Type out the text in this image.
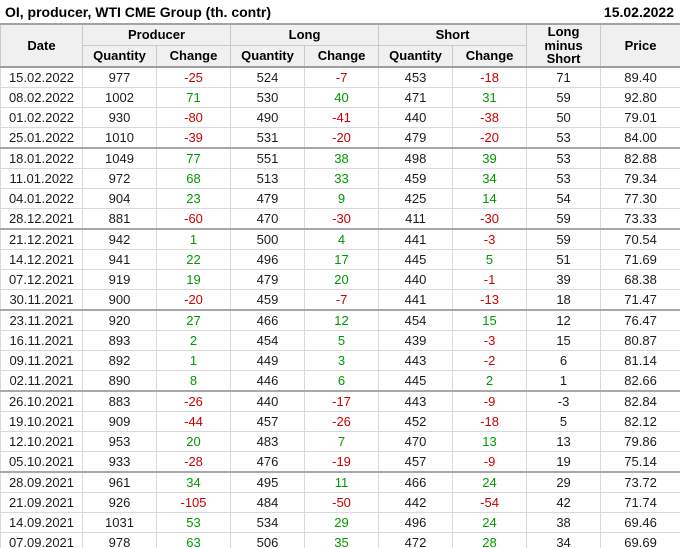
OI, producer, WTI CME Group (th. contr)	15.02.2022
Date	Producer		Long		Short		Long minus Short	Price
	Quantity	Change	Quantity	Change	Quantity	Change		
15.02.2022	977	-25	524	-7	453	-18	71	89.40
08.02.2022	1002	71	530	40	471	31	59	92.80
01.02.2022	930	-80	490	-41	440	-38	50	79.01
25.01.2022	1010	-39	531	-20	479	-20	53	84.00
18.01.2022	1049	77	551	38	498	39	53	82.88
11.01.2022	972	68	513	33	459	34	53	79.34
04.01.2022	904	23	479	9	425	14	54	77.30
28.12.2021	881	-60	470	-30	411	-30	59	73.33
21.12.2021	942	1	500	4	441	-3	59	70.54
14.12.2021	941	22	496	17	445	5	51	71.69
07.12.2021	919	19	479	20	440	-1	39	68.38
30.11.2021	900	-20	459	-7	441	-13	18	71.47
23.11.2021	920	27	466	12	454	15	12	76.47
16.11.2021	893	2	454	5	439	-3	15	80.87
09.11.2021	892	1	449	3	443	-2	6	81.14
02.11.2021	890	8	446	6	445	2	1	82.66
26.10.2021	883	-26	440	-17	443	-9	-3	82.84
19.10.2021	909	-44	457	-26	452	-18	5	82.12
12.10.2021	953	20	483	7	470	13	13	79.86
05.10.2021	933	-28	476	-19	457	-9	19	75.14
28.09.2021	961	34	495	11	466	24	29	73.72
21.09.2021	926	-105	484	-50	442	-54	42	71.74
14.09.2021	1031	53	534	29	496	24	38	69.46
07.09.2021	978	63	506	35	472	28	34	69.69
